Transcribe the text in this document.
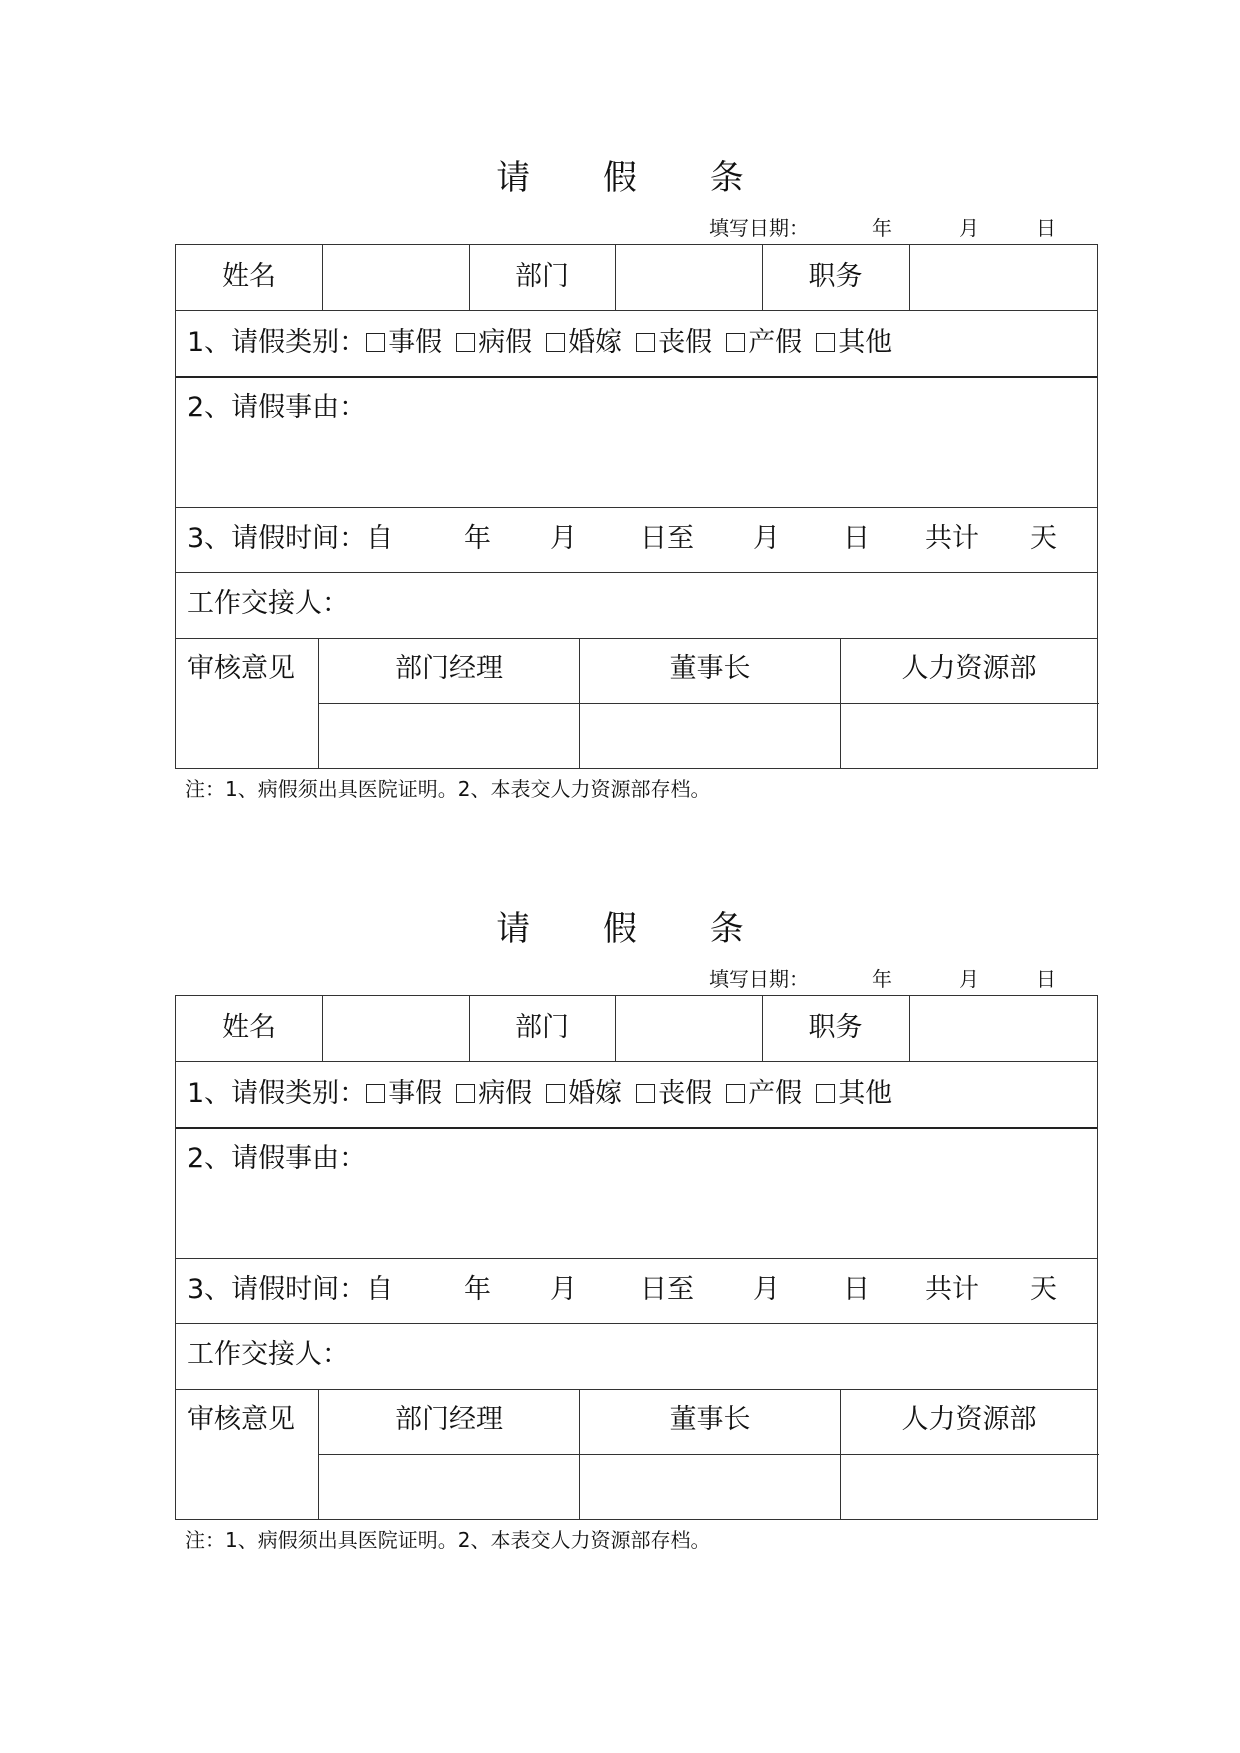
请 假 条
填写日期：	年	月	日
姓名	部门	职务
1、请假类别： 事假 病假 婚嫁 丧假 产假 其他
2、请假事由：
3、请假时间：自	年 月 日至 月 日 共计 天
工作交接人：
审核意见	部门经理	董事长	人力资源部
注：1、病假须出具医院证明。2、本表交人力资源部存档。
请 假 条
填写日期：	年	月	日
姓名	部门	职务
1、请假类别： 事假 病假 婚嫁 丧假 产假 其他
2、请假事由：
3、请假时间：自	年 月 日至 月 日 共计 天
工作交接人：
审核意见	部门经理	董事长	人力资源部
注：1、病假须出具医院证明。2、本表交人力资源部存档。
